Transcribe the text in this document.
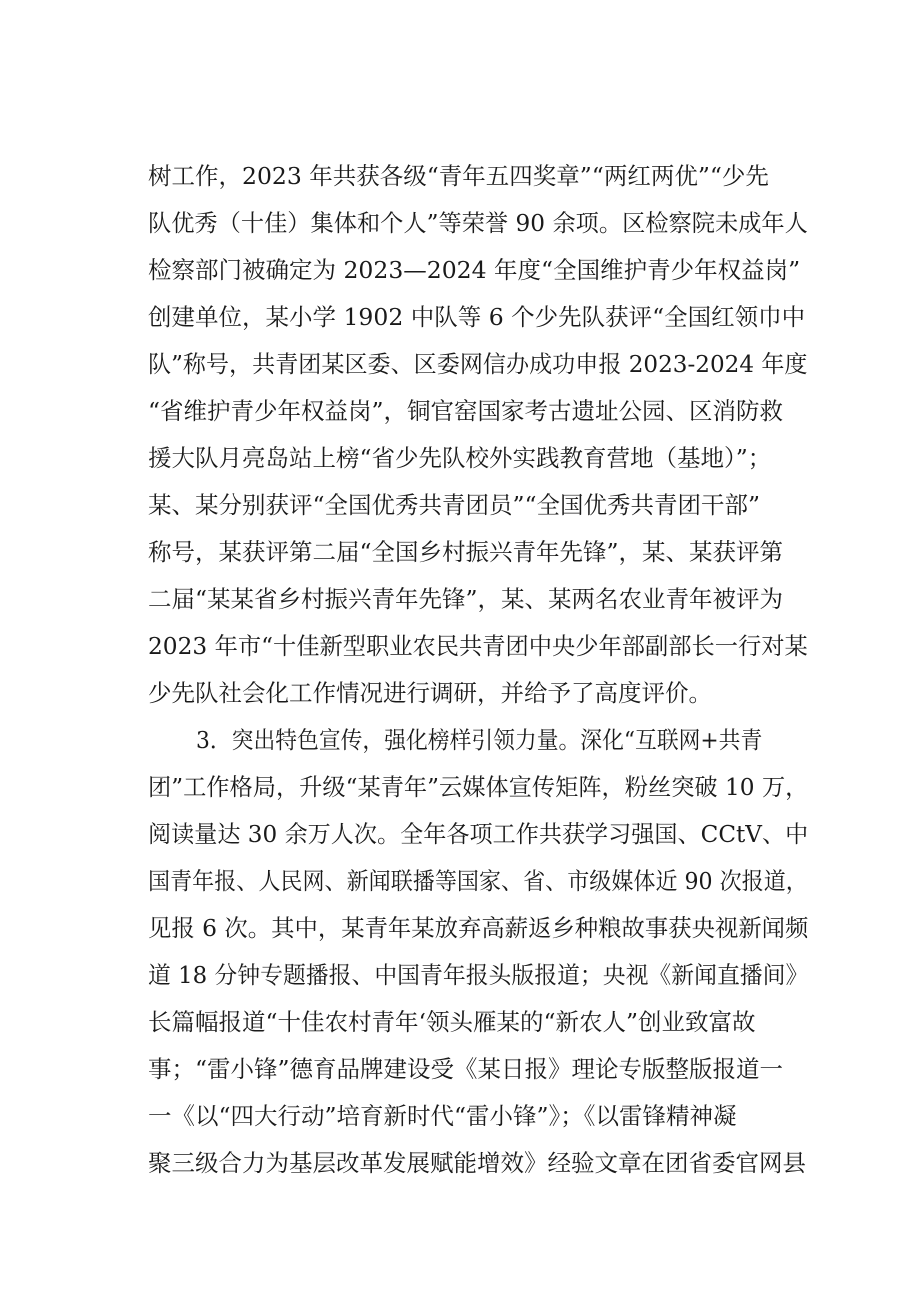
树工作，2023 年共获各级“青年五四奖章”“两红两优”“少先
队优秀（十佳）集体和个人”等荣誉 90 余项。区检察院未成年人
检察部门被确定为 2023—2024 年度“全国维护青少年权益岗”
创建单位，某小学 1902 中队等 6 个少先队获评“全国红领巾中
队”称号，共青团某区委、区委网信办成功申报 2023-2024 年度
“省维护青少年权益岗”，铜官窑国家考古遗址公园、区消防救
援大队月亮岛站上榜“省少先队校外实践教育营地（基地）”；
某、某分别获评“全国优秀共青团员”“全国优秀共青团干部”
称号，某获评第二届“全国乡村振兴青年先锋”，某、某获评第
二届“某某省乡村振兴青年先锋”，某、某两名农业青年被评为
2023 年市“十佳新型职业农民共青团中央少年部副部长一行对某
少先队社会化工作情况进行调研，并给予了高度评价。
3．突出特色宣传，强化榜样引领力量。深化“互联网+共青
团”工作格局，升级“某青年”云媒体宣传矩阵，粉丝突破 10 万，
阅读量达 30 余万人次。全年各项工作共获学习强国、CCtV、中
国青年报、人民网、新闻联播等国家、省、市级媒体近 90 次报道，
见报 6 次。其中，某青年某放弃高薪返乡种粮故事获央视新闻频
道 18 分钟专题播报、中国青年报头版报道；央视《新闻直播间》
长篇幅报道“十佳农村青年‘领头雁某的“新农人”创业致富故
事；“雷小锋”德育品牌建设受《某日报》理论专版整版报道一
一《以“四大行动”培育新时代“雷小锋”》；《以雷锋精神凝
聚三级合力为基层改革发展赋能增效》经验文章在团省委官网县
